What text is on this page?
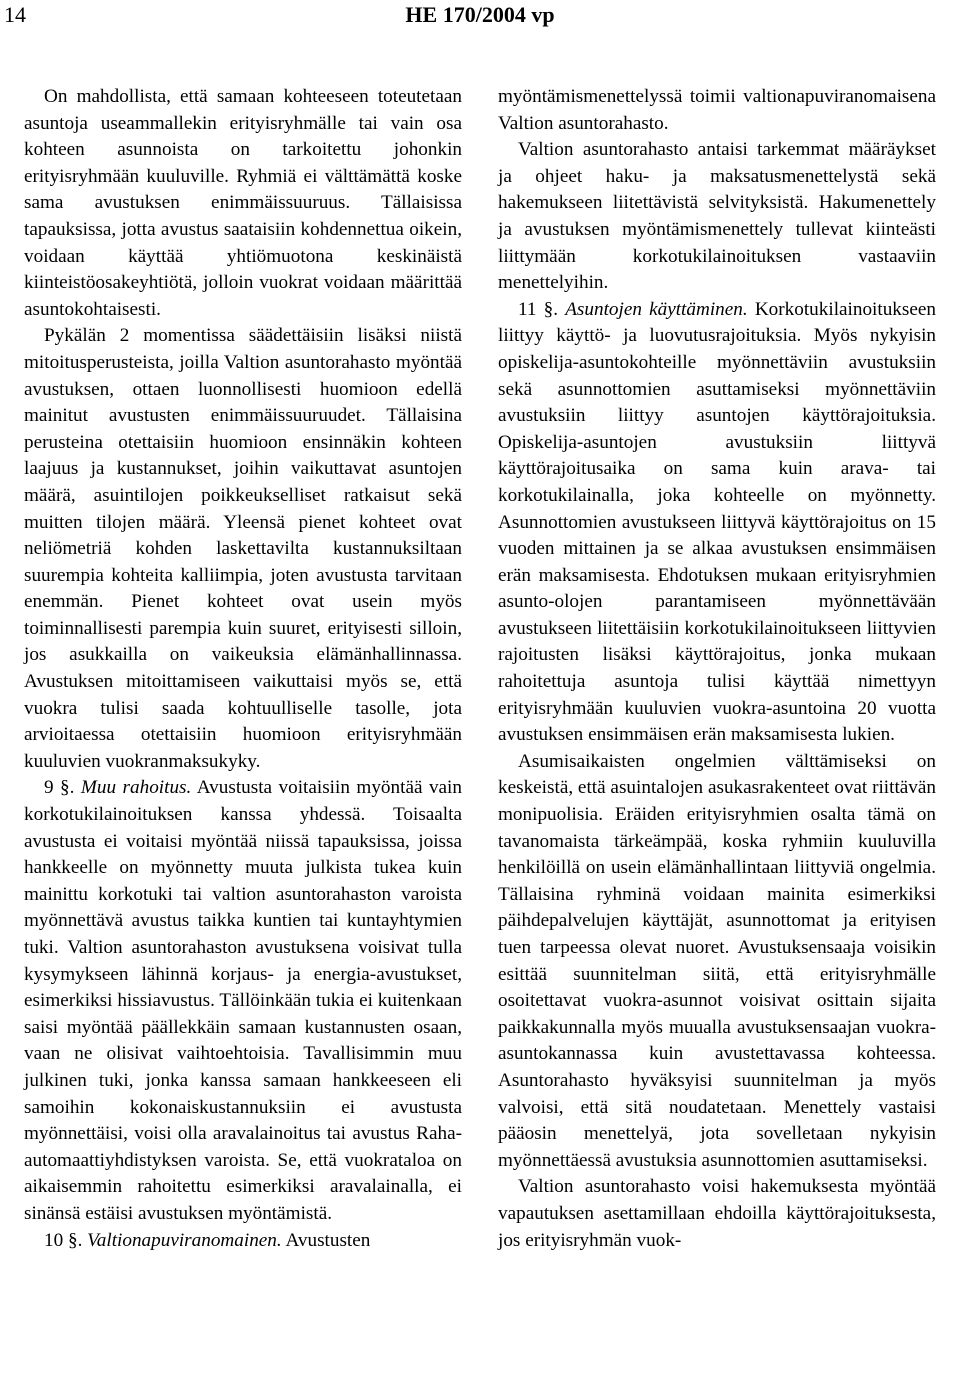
14	HE 170/2004 vp

On mahdollista, että samaan kohteeseen toteutetaan asuntoja useammallekin erityisryhmälle tai vain osa kohteen asunnoista on tarkoitettu johonkin erityisryhmään kuuluville. Ryhmiä ei välttämättä koske sama avustuksen enimmäissuuruus. Tällaisissa tapauksissa, jotta avustus saataisiin kohdennettua oikein, voidaan käyttää yhtiömuotona keskinäistä kiinteistöosakeyhtiötä, jolloin vuokrat voidaan määrittää asuntokohtaisesti.

Pykälän 2 momentissa säädettäisiin lisäksi niistä mitoitusperusteista, joilla Valtion asuntorahasto myöntää avustuksen, ottaen luonnollisesti huomioon edellä mainitut avustusten enimmäissuuruudet. Tällaisina perusteina otettaisiin huomioon ensinnäkin kohteen laajuus ja kustannukset, joihin vaikuttavat asuntojen määrä, asuintilojen poikkeukselliset ratkaisut sekä muitten tilojen määrä. Yleensä pienet kohteet ovat neliömetriä kohden laskettavilta kustannuksiltaan suurempia kohteita kalliimpia, joten avustusta tarvitaan enemmän. Pienet kohteet ovat usein myös toiminnallisesti parempia kuin suuret, erityisesti silloin, jos asukkailla on vaikeuksia elämänhallinnassa. Avustuksen mitoittamiseen vaikuttaisi myös se, että vuokra tulisi saada kohtuulliselle tasolle, jota arvioitaessa otettaisiin huomioon erityisryhmään kuuluvien vuokranmaksukyky.

9 §. Muu rahoitus. Avustusta voitaisiin myöntää vain korkotukilainoituksen kanssa yhdessä. Toisaalta avustusta ei voitaisi myöntää niissä tapauksissa, joissa hankkeelle on myönnetty muuta julkista tukea kuin mainittu korkotuki tai valtion asuntorahaston varoista myönnettävä avustus taikka kuntien tai kuntayhtymien tuki. Valtion asuntorahaston avustuksena voisivat tulla kysymykseen lähinnä korjaus- ja energia-avustukset, esimerkiksi hissiavustus. Tällöinkään tukia ei kuitenkaan saisi myöntää päällekkäin samaan kustannusten osaan, vaan ne olisivat vaihtoehtoisia. Tavallisimmin muu julkinen tuki, jonka kanssa samaan hankkeeseen eli samoihin kokonaiskustannuksiin ei avustusta myönnettäisi, voisi olla aravalainoitus tai avustus Raha-automaattiyhdistyksen varoista. Se, että vuokrataloa on aikaisemmin rahoitettu esimerkiksi aravalainalla, ei sinänsä estäisi avustuksen myöntämistä.

10 §. Valtionapuviranomainen. Avustusten

myöntämismenettelyssä toimii valtionapuviranomaisena Valtion asuntorahasto.

Valtion asuntorahasto antaisi tarkemmat määräykset ja ohjeet haku- ja maksatusmenettelystä sekä hakemukseen liitettävistä selvityksistä. Hakumenettely ja avustuksen myöntämismenettely tullevat kiinteästi liittymään korkotukilainoituksen vastaaviin menettelyihin.

11 §. Asuntojen käyttäminen. Korkotukilainoitukseen liittyy käyttö- ja luovutusrajoituksia. Myös nykyisin opiskelija-asuntokohteille myönnettäviin avustuksiin sekä asunnottomien asuttamiseksi myönnettäviin avustuksiin liittyy asuntojen käyttörajoituksia. Opiskelija-asuntojen avustuksiin liittyvä käyttörajoitusaika on sama kuin arava- tai korkotukilainalla, joka kohteelle on myönnetty. Asunnottomien avustukseen liittyvä käyttörajoitus on 15 vuoden mittainen ja se alkaa avustuksen ensimmäisen erän maksamisesta. Ehdotuksen mukaan erityisryhmien asunto-olojen parantamiseen myönnettävään avustukseen liitettäisiin korkotukilainoitukseen liittyvien rajoitusten lisäksi käyttörajoitus, jonka mukaan rahoitettuja asuntoja tulisi käyttää nimettyyn erityisryhmään kuuluvien vuokra-asuntoina 20 vuotta avustuksen ensimmäisen erän maksamisesta lukien.

Asumisaikaisten ongelmien välttämiseksi on keskeistä, että asuintalojen asukasrakenteet ovat riittävän monipuolisia. Eräiden erityisryhmien osalta tämä on tavanomaista tärkeämpää, koska ryhmiin kuuluvilla henkilöillä on usein elämänhallintaan liittyviä ongelmia. Tällaisina ryhminä voidaan mainita esimerkiksi päihdepalvelujen käyttäjät, asunnottomat ja erityisen tuen tarpeessa olevat nuoret. Avustuksensaaja voisikin esittää suunnitelman siitä, että erityisryhmälle osoitettavat vuokra-asunnot voisivat osittain sijaita paikkakunnalla myös muualla avustuksensaajan vuokra-asuntokannassa kuin avustettavassa kohteessa. Asuntorahasto hyväksyisi suunnitelman ja myös valvoisi, että sitä noudatetaan. Menettely vastaisi pääosin menettelyä, jota sovelletaan nykyisin myönnettäessä avustuksia asunnottomien asuttamiseksi.

Valtion asuntorahasto voisi hakemuksesta myöntää vapautuksen asettamillaan ehdoilla käyttörajoituksesta, jos erityisryhmän vuok-
